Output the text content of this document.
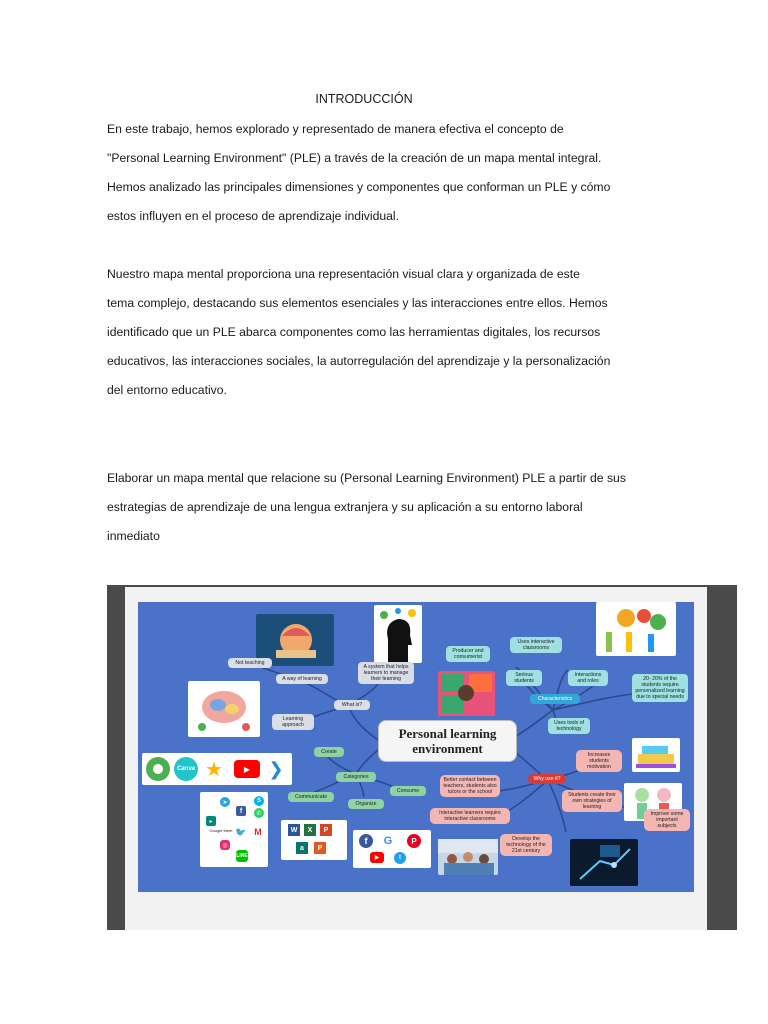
INTRODUCCIÓN
En este trabajo, hemos explorado y representado de manera efectiva el concepto de
"Personal Learning Environment" (PLE) a través de la creación de un mapa mental integral.
Hemos analizado las principales dimensiones y componentes que conforman un PLE y cómo
estos influyen en el proceso de aprendizaje individual.
Nuestro mapa mental proporciona una representación visual clara y organizada de este
tema complejo, destacando sus elementos esenciales y las interacciones entre ellos. Hemos
identificado que un PLE abarca componentes como las herramientas digitales, los recursos
educativos, las interacciones sociales, la autorregulación del aprendizaje y la personalización
del entorno educativo.
Elaborar un mapa mental que relacione su (Personal Learning Environment) PLE a partir de sus
estrategias de aprendizaje de una lengua extranjera y su aplicación a su entorno laboral
inmediato
Canva ★	▶	❯
➤	S
f	✆
▸
Google Meet 🐦 M
◎
LINE
W	X	P
a	P
f	G	P
▶	t
Personal learning environment
Not teaching
A way of learning
Learning approach
What is?
A system that helps learners to manage their learning
Create
Categories
Communicate
Organize
Consume
Producer and consumerist
Uses interactive classrooms
Serious students
Interactions and roles
Characteristics
20- 20% of the students require personalized learning due to special needs
Uses tools of technology
Why use it?
Better contact between teachers, students also tutors or the school
Interactive learners require interactive classrooms
Increases students motivation
Students create their own strategies of learning
Improve some important subjects
Develop the technology of the 21st century
